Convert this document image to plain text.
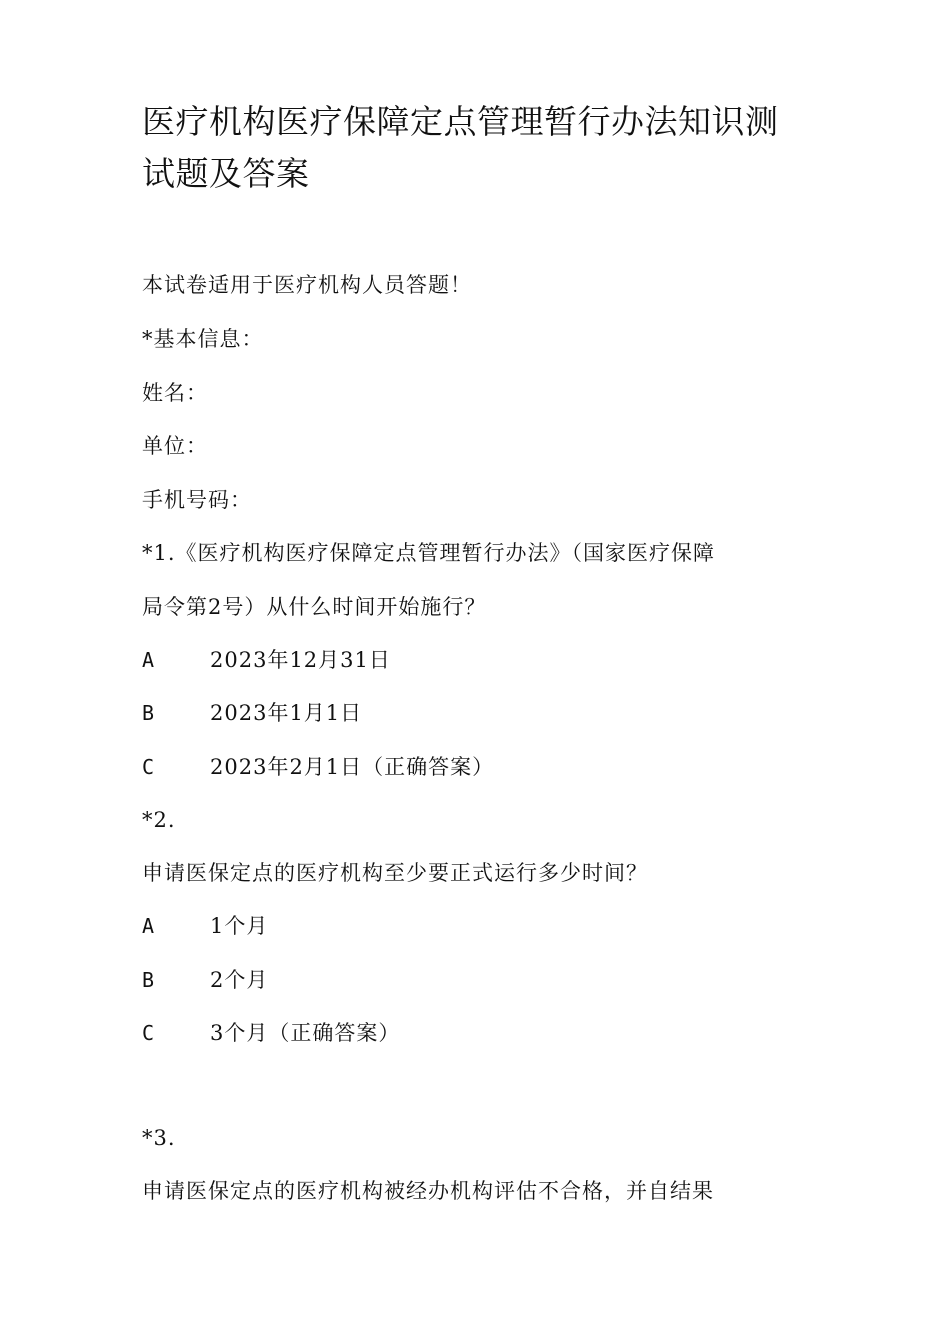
医疗机构医疗保障定点管理暂行办法知识测试题及答案
本试卷适用于医疗机构人员答题！
*基本信息：
姓名：
单位：
手机号码：
*1.《医疗机构医疗保障定点管理暂行办法》（国家医疗保障
局令第2号）从什么时间开始施行？
A	2023年12月31日
B	2023年1月1日
C	2023年2月1日（正确答案）
*2.
申请医保定点的医疗机构至少要正式运行多少时间？
A	1个月
B	2个月
C	3个月（正确答案）
*3.
申请医保定点的医疗机构被经办机构评估不合格，并自结果
